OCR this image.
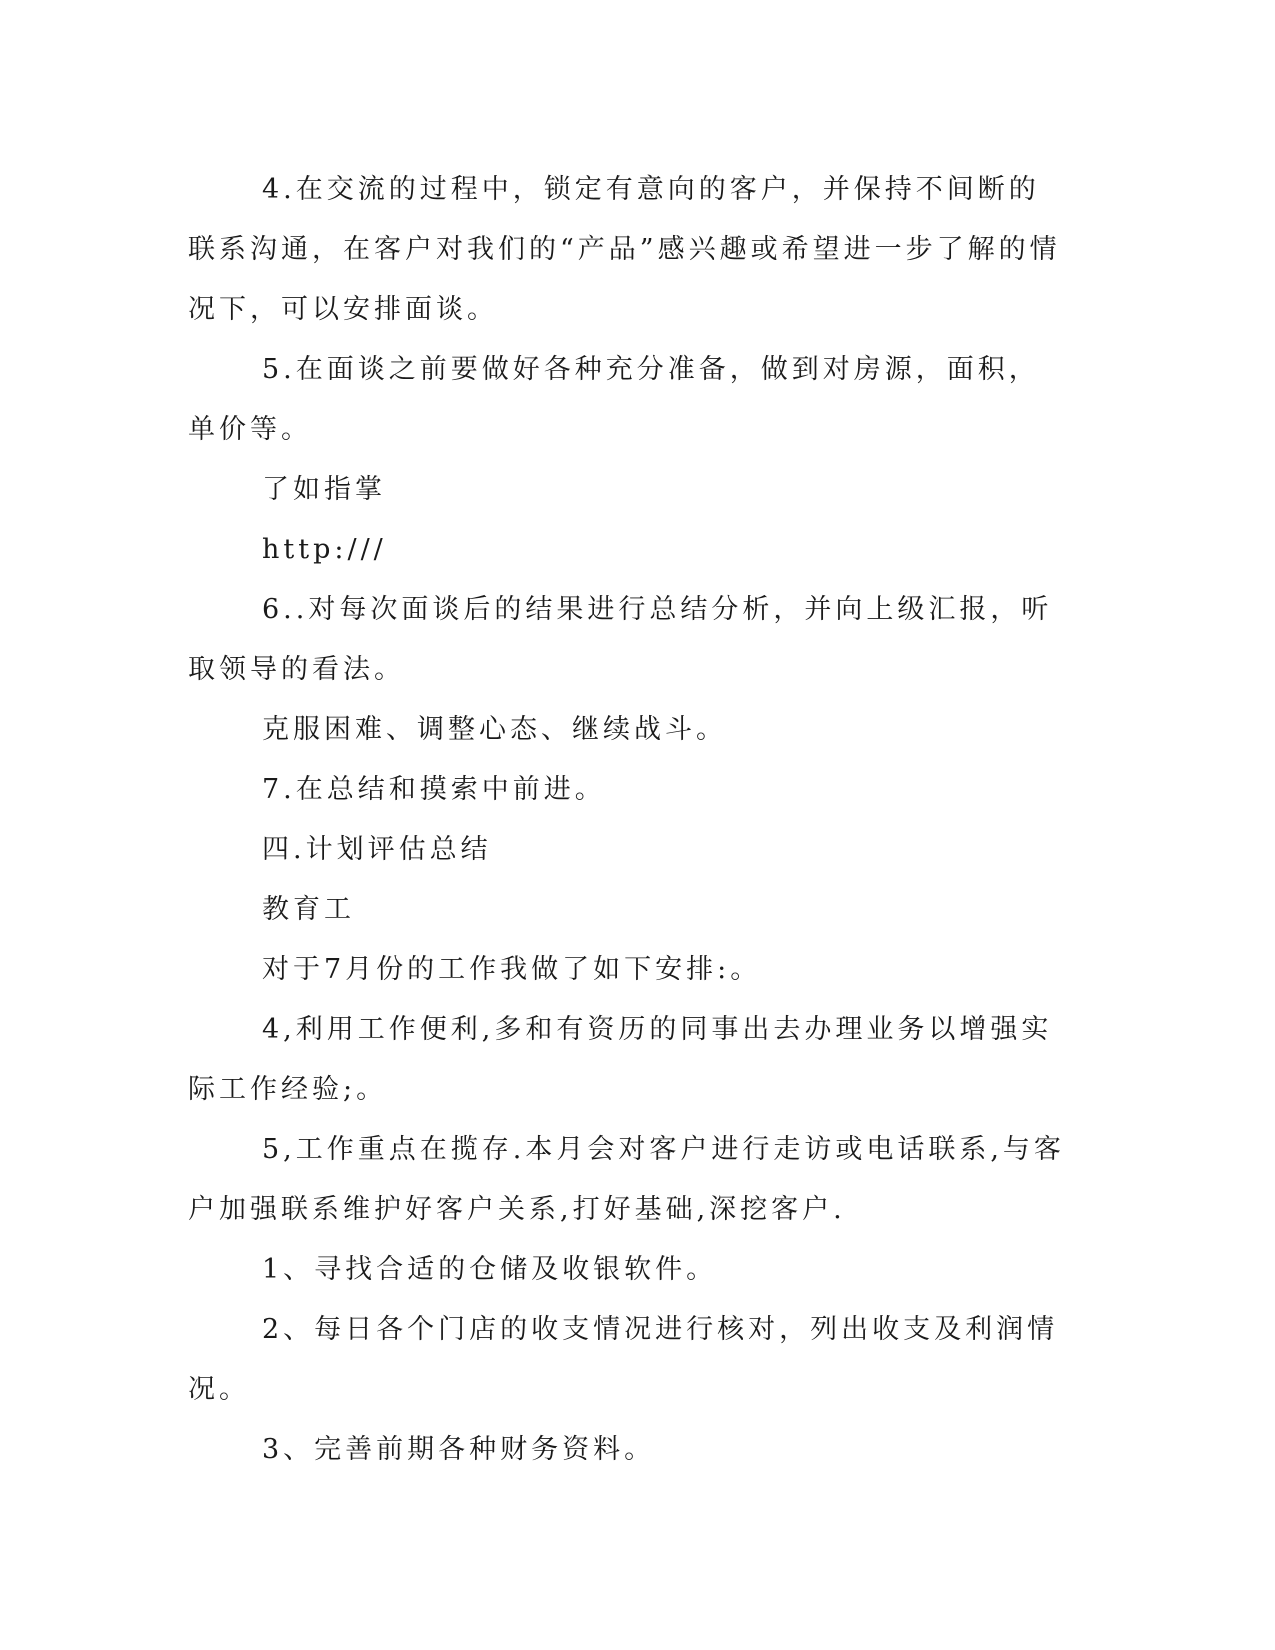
4.在交流的过程中，锁定有意向的客户，并保持不间断的联系沟通，在客户对我们的“产品”感兴趣或希望进一步了解的情况下，可以安排面谈。

5.在面谈之前要做好各种充分准备，做到对房源，面积，单价等。

了如指掌

http:///

6..对每次面谈后的结果进行总结分析，并向上级汇报，听取领导的看法。

克服困难、调整心态、继续战斗。

7.在总结和摸索中前进。

四.计划评估总结

教育工

对于7月份的工作我做了如下安排:。

4,利用工作便利,多和有资历的同事出去办理业务以增强实际工作经验;。

5,工作重点在揽存.本月会对客户进行走访或电话联系,与客户加强联系维护好客户关系,打好基础,深挖客户.

1、寻找合适的仓储及收银软件。

2、每日各个门店的收支情况进行核对，列出收支及利润情况。

3、完善前期各种财务资料。
